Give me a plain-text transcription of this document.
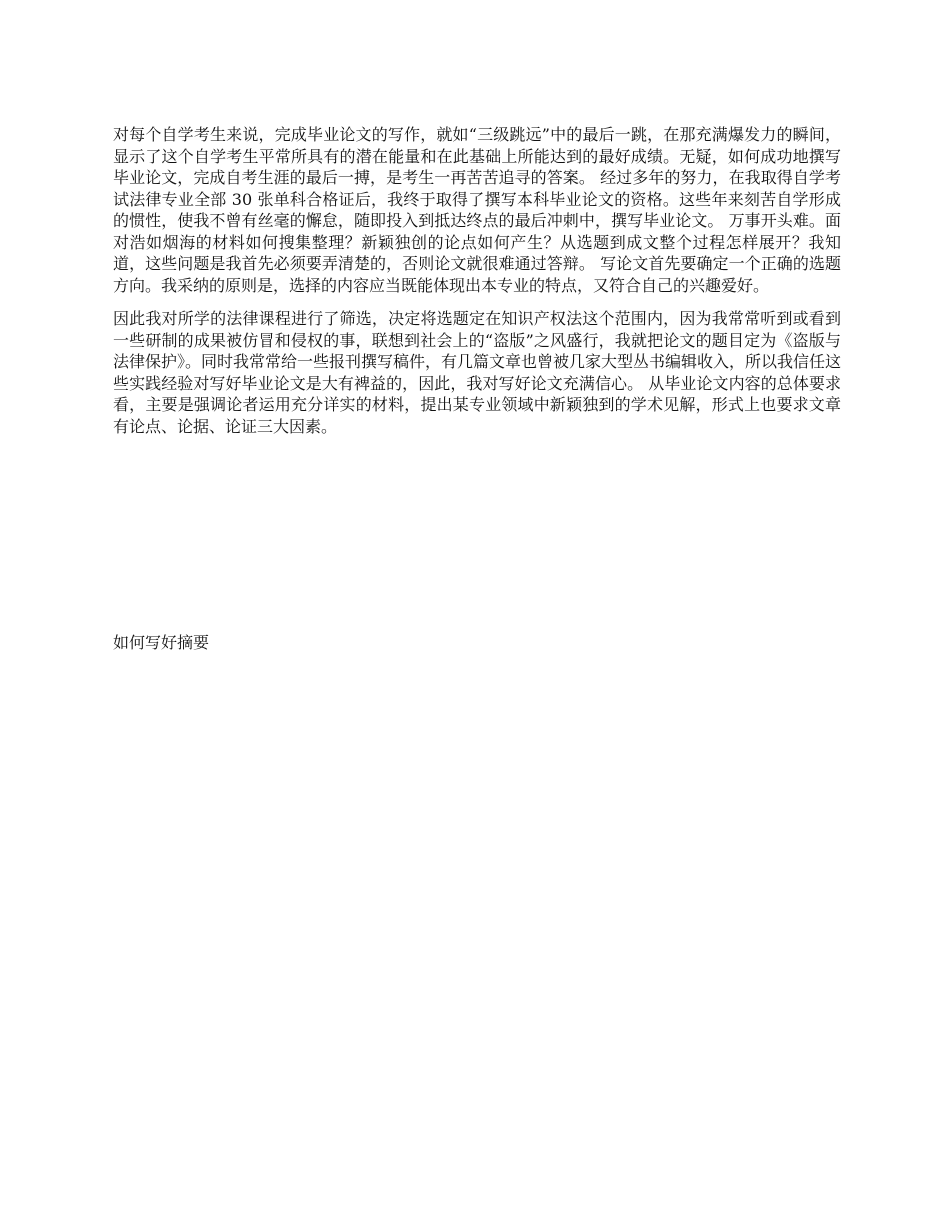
对每个自学考生来说，完成毕业论文的写作，就如“三级跳远”中的最后一跳，在那充满爆发力的瞬间，显示了这个自学考生平常所具有的潜在能量和在此基础上所能达到的最好成绩。无疑，如何成功地撰写毕业论文，完成自考生涯的最后一搏，是考生一再苦苦追寻的答案。 经过多年的努力，在我取得自学考试法律专业全部 30 张单科合格证后，我终于取得了撰写本科毕业论文的资格。这些年来刻苦自学形成的惯性，使我不曾有丝毫的懈怠，随即投入到抵达终点的最后冲刺中，撰写毕业论文。 万事开头难。面对浩如烟海的材料如何搜集整理？新颖独创的论点如何产生？从选题到成文整个过程怎样展开？我知道，这些问题是我首先必须要弄清楚的，否则论文就很难通过答辩。 写论文首先要确定一个正确的选题方向。我采纳的原则是，选择的内容应当既能体现出本专业的特点，又符合自己的兴趣爱好。

因此我对所学的法律课程进行了筛选，决定将选题定在知识产权法这个范围内，因为我常常听到或看到一些研制的成果被仿冒和侵权的事，联想到社会上的“盗版”之风盛行，我就把论文的题目定为《盗版与法律保护》。同时我常常给一些报刊撰写稿件，有几篇文章也曾被几家大型丛书编辑收入，所以我信任这些实践经验对写好毕业论文是大有裨益的，因此，我对写好论文充满信心。 从毕业论文内容的总体要求看，主要是强调论者运用充分详实的材料，提出某专业领域中新颖独到的学术见解，形式上也要求文章有论点、论据、论证三大因素。

如何写好摘要
